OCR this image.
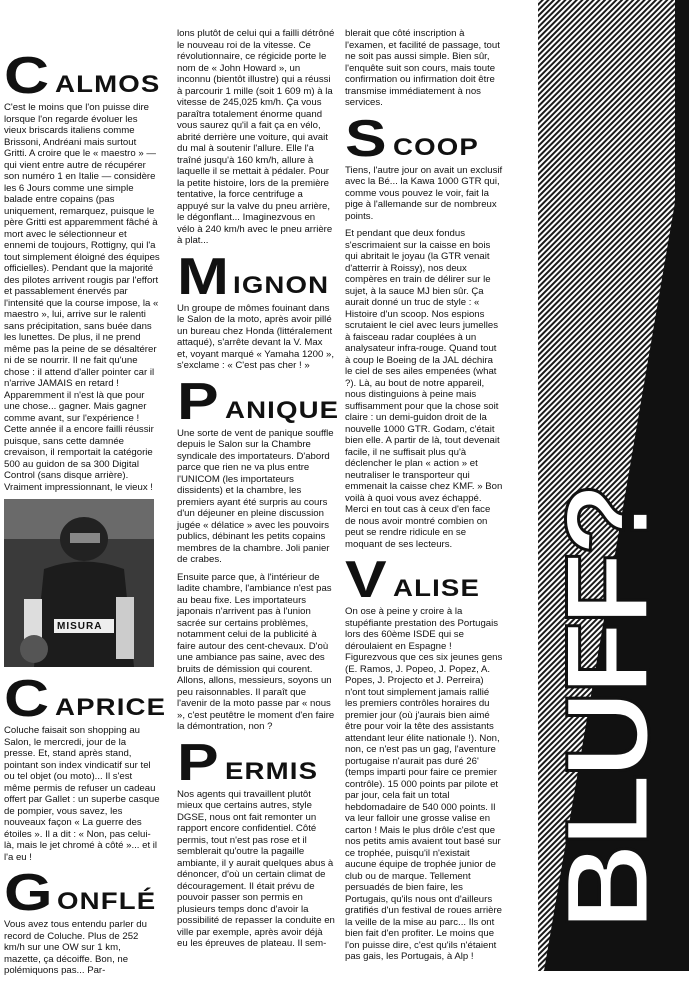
C ALMOS

C'est le moins que l'on puisse dire lorsque l'on regarde évoluer les vieux briscards italiens comme Brissoni, Andréani mais surtout Gritti. A croire que le « maestro » — qui vient entre autre de récupérer son numéro 1 en Italie — considère les 6 Jours comme une simple balade entre copains (pas uniquement, remarquez, puisque le père Gritti est apparemment fâché à mort avec le sélectionneur et ennemi de toujours, Rottigny, qui l'a tout simplement éloigné des équipes officielles). Pendant que la majorité des pilotes arrivent rougis par l'effort et passablement énervés par l'intensité que la course impose, la « maestro », lui, arrive sur le ralenti sans précipitation, sans buée dans les lunettes. De plus, il ne prend même pas la peine de se désaltérer ni de se nourrir. Il ne fait qu'une chose : il attend d'aller pointer car il n'arrive JAMAIS en retard ! Apparemment il n'est là que pour une chose... gagner. Mais gagner comme avant, sur l'expérience ! Cette année il a encore failli réussir puisque, sans cette damnée crevaison, il remportait la catégorie 500 au guidon de sa 300 Digital Control (sans disque arrière). Vraiment impressionnant, le vieux !

MISURA
C APRICE

Coluche faisait son shopping au Salon, le mercredi, jour de la presse. Et, stand après stand, pointant son index vindicatif sur tel ou tel objet (ou moto)... Il s'est même permis de refuser un cadeau offert par Gallet : un superbe casque de pompier, vous savez, les nouveaux façon « La guerre des étoiles ». Il a dit : « Non, pas celui-là, mais le jet chromé à côté »... et il l'a eu !

G ONFLÉ

Vous avez tous entendu parler du record de Coluche. Plus de 252 km/h sur une OW sur 1 km, mazette, ça décoiffe. Bon, ne polémiquons pas... Par-

lons plutôt de celui qui a failli détrôné le nouveau roi de la vitesse. Ce révolutionnaire, ce régicide porte le nom de « John Howard », un inconnu (bientôt illustre) qui a réussi à parcourir 1 mille (soit 1 609 m) à la vitesse de 245,025 km/h. Ça vous paraîtra totalement énorme quand vous saurez qu'il a fait ça en vélo, abrité derrière une voiture, qui avait du mal à soutenir l'allure. Elle l'a traîné jusqu'à 160 km/h, allure à laquelle il se mettait à pédaler. Pour la petite histoire, lors de la première tentative, la force centrifuge a appuyé sur la valve du pneu arrière, le dégonflant... Imaginezvous en vélo à 240 km/h avec le pneu arrière à plat...

M IGNON

Un groupe de mômes fouinant dans le Salon de la moto, après avoir pillé un bureau chez Honda (littéralement attaqué), s'arrête devant la V. Max et, voyant marqué « Yamaha 1200 », s'exclame : « C'est pas cher ! »

P ANIQUE

Une sorte de vent de panique souffle depuis le Salon sur la Chambre syndicale des importateurs. D'abord parce que rien ne va plus entre l'UNICOM (les importateurs dissidents) et la chambre, les premiers ayant été surpris au cours d'un déjeuner en pleine discussion jugée « délatice » avec les pouvoirs publics, débinant les petits copains membres de la chambre. Joli panier de crabes.

Ensuite parce que, à l'intérieur de ladite chambre, l'ambiance n'est pas au beau fixe. Les importateurs japonais n'arrivent pas à l'union sacrée sur certains problèmes, notamment celui de la publicité à faire autour des cent-chevaux. D'où une ambiance pas saine, avec des bruits de démission qui courent. Allons, allons, messieurs, soyons un peu raisonnables. Il paraît que l'avenir de la moto passe par « nous », c'est peutêtre le moment d'en faire la démontration, non ?

P ERMIS

Nos agents qui travaillent plutôt mieux que certains autres, style DGSE, nous ont fait remonter un rapport encore confidentiel. Côté permis, tout n'est pas rose et il semblerait qu'outre la pagaille ambiante, il y aurait quelques abus à dénoncer, d'où un certain climat de découragement. Il était prévu de pouvoir passer son permis en plusieurs temps donc d'avoir la possibilité de repasser la conduite en ville par exemple, après avoir déjà eu les épreuves de plateau. Il sem-

blerait que côté inscription à l'examen, et facilité de passage, tout ne soit pas aussi simple. Bien sûr, l'enquête suit son cours, mais toute confirmation ou infirmation doit être transmise immédiatement à nos services.

S COOP

Tiens, l'autre jour on avait un exclusif avec la Bé... la Kawa 1000 GTR qui, comme vous pouvez le voir, fait la pige à l'allemande sur de nombreux points.

Et pendant que deux fondus s'escrimaient sur la caisse en bois qui abritait le joyau (la GTR venait d'atterrir à Roissy), nos deux compères en train de délirer sur le sujet, à la sauce MJ bien sûr. Ça aurait donné un truc de style : « Histoire d'un scoop. Nos espions scrutaient le ciel avec leurs jumelles à faisceau radar couplées à un analysateur infra-rouge. Quand tout à coup le Boeing de la JAL déchira le ciel de ses ailes empenées (what ?). Là, au bout de notre appareil, nous distinguions à peine mais suffisamment pour que la chose soit claire : un demi-guidon droit de la nouvelle 1000 GTR. Godam, c'était bien elle. A partir de là, tout devenait facile, il ne suffisait plus qu'à déclencher le plan « action » et neutraliser le transporteur qui emmenait la caisse chez KMF. » Bon voilà à quoi vous avez échappé. Merci en tout cas à ceux d'en face de nous avoir montré combien on peut se rendre ridicule en se moquant de ses lecteurs.

V ALISE

On ose à peine y croire à la stupéfiante prestation des Portugais lors des 60ème ISDE qui se déroulaient en Espagne ! Figurezvous que ces six jeunes gens (E. Ramos, J. Popeo, J. Popez, A. Popes, J. Projecto et J. Perreira) n'ont tout simplement jamais rallié les premiers contrôles horaires du premier jour (où j'aurais bien aimé être pour voir la tête des assistants attendant leur élite nationale !). Non, non, ce n'est pas un gag, l'aventure portugaise n'aurait pas duré 26' (temps imparti pour faire ce premier contrôle). 15 000 points par pilote et par jour, cela fait un total hebdomadaire de 540 000 points. Il va leur falloir une grosse valise en carton ! Mais le plus drôle c'est que nos petits amis avaient tout basé sur ce trophée, puisqu'il n'existait aucune équipe de trophée junior de club ou de marque. Tellement persuadés de bien faire, les Portugais, qu'ils nous ont d'ailleurs gratifiés d'un festival de roues arrière la veille de la mise au parc... Ils ont bien fait d'en profiter. Le moins que l'on puisse dire, c'est qu'ils n'étaient pas gais, les Portugais, à Alp !

BLUFF?
